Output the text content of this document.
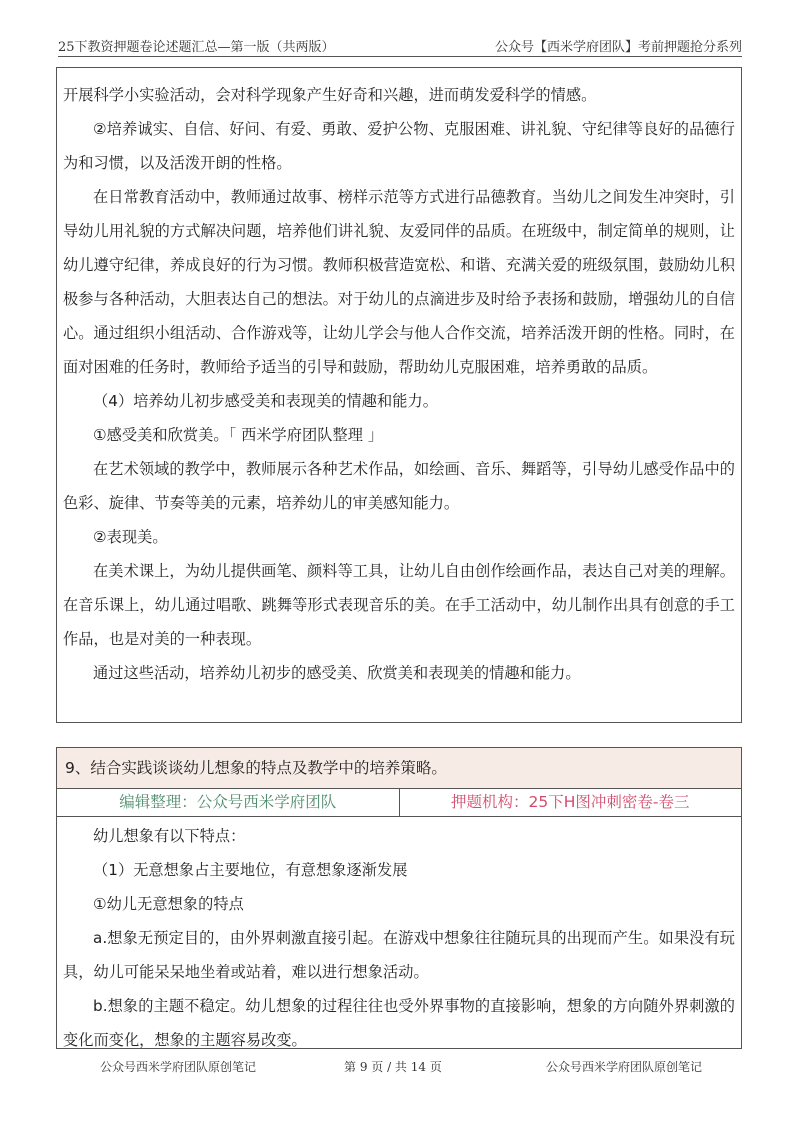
25下教资押题卷论述题汇总—第一版（共两版）	公众号【西米学府团队】考前押题抢分系列

开展科学小实验活动，会对科学现象产生好奇和兴趣，进而萌发爱科学的情感。

②培养诚实、自信、好问、有爱、勇敢、爱护公物、克服困难、讲礼貌、守纪律等良好的品德行为和习惯，以及活泼开朗的性格。

在日常教育活动中，教师通过故事、榜样示范等方式进行品德教育。当幼儿之间发生冲突时，引导幼儿用礼貌的方式解决问题，培养他们讲礼貌、友爱同伴的品质。在班级中，制定简单的规则，让幼儿遵守纪律，养成良好的行为习惯。教师积极营造宽松、和谐、充满关爱的班级氛围，鼓励幼儿积极参与各种活动，大胆表达自己的想法。对于幼儿的点滴进步及时给予表扬和鼓励，增强幼儿的自信心。通过组织小组活动、合作游戏等，让幼儿学会与他人合作交流，培养活泼开朗的性格。同时，在面对困难的任务时，教师给予适当的引导和鼓励，帮助幼儿克服困难，培养勇敢的品质。

（4）培养幼儿初步感受美和表现美的情趣和能力。

①感受美和欣赏美。「 西米学府团队整理 」

在艺术领域的教学中，教师展示各种艺术作品，如绘画、音乐、舞蹈等，引导幼儿感受作品中的色彩、旋律、节奏等美的元素，培养幼儿的审美感知能力。

②表现美。

在美术课上，为幼儿提供画笔、颜料等工具，让幼儿自由创作绘画作品，表达自己对美的理解。在音乐课上，幼儿通过唱歌、跳舞等形式表现音乐的美。在手工活动中，幼儿制作出具有创意的手工作品，也是对美的一种表现。

通过这些活动，培养幼儿初步的感受美、欣赏美和表现美的情趣和能力。

9、结合实践谈谈幼儿想象的特点及教学中的培养策略。
编辑整理：公众号西米学府团队	押题机构：25下H图冲刺密卷-卷三

幼儿想象有以下特点：

（1）无意想象占主要地位，有意想象逐渐发展

①幼儿无意想象的特点

a.想象无预定目的，由外界刺激直接引起。在游戏中想象往往随玩具的出现而产生。如果没有玩具，幼儿可能呆呆地坐着或站着，难以进行想象活动。

b.想象的主题不稳定。幼儿想象的过程往往也受外界事物的直接影响，想象的方向随外界刺激的变化而变化，想象的主题容易改变。

公众号西米学府团队原创笔记	第 9 页 / 共 14 页	公众号西米学府团队原创笔记
